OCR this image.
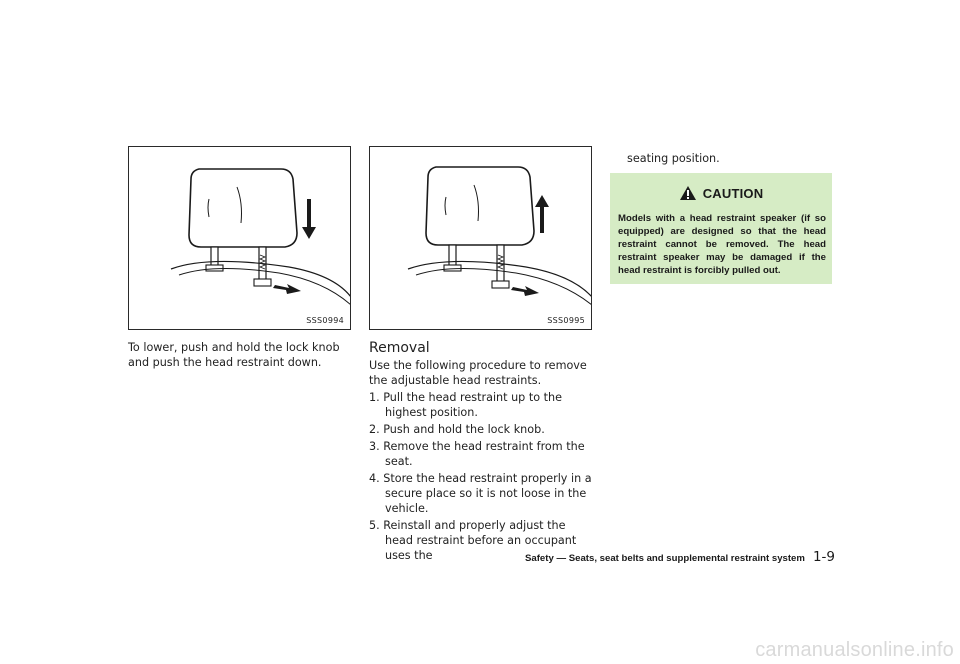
SSS0994	SSS0995
To lower, push and hold the lock knob and push the head restraint down.
Removal
Use the following procedure to remove the adjustable head restraints.
1. Pull the head restraint up to the highest position.
2. Push and hold the lock knob.
3. Remove the head restraint from the seat.
4. Store the head restraint properly in a secure place so it is not loose in the vehicle.
5. Reinstall and properly adjust the head restraint before an occupant uses the
seating position.
CAUTION
Models with a head restraint speaker (if so equipped) are designed so that the head restraint cannot be removed. The head restraint speaker may be damaged if the head restraint is forcibly pulled out.
Safety — Seats, seat belts and supplemental restraint system 1-9
carmanualsonline.info
